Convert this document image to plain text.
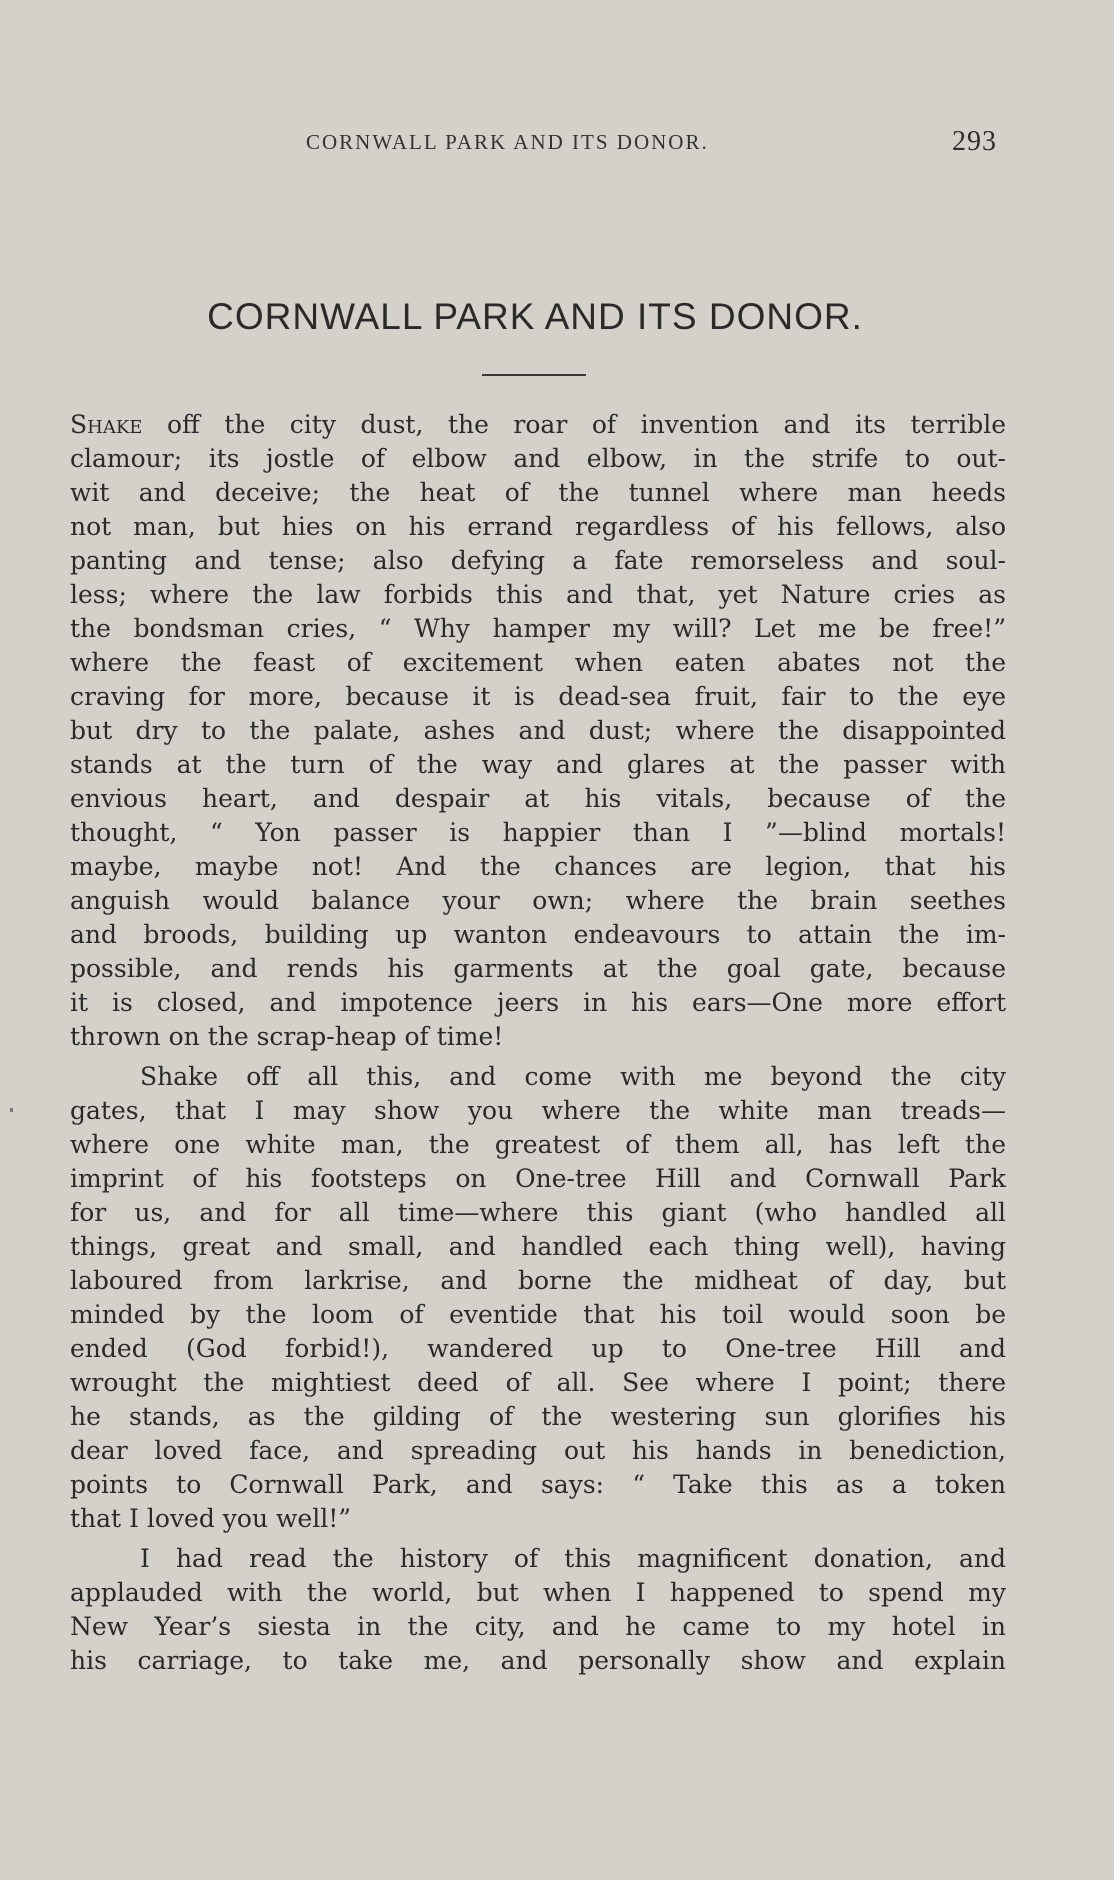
CORNWALL PARK AND ITS DONOR.	293
CORNWALL PARK AND ITS DONOR.
Shake off the city dust, the roar of invention and its terrible
clamour; its jostle of elbow and elbow, in the strife to out-
wit and deceive; the heat of the tunnel where man heeds
not man, but hies on his errand regardless of his fellows, also
panting and tense; also defying a fate remorseless and soul-
less; where the law forbids this and that, yet Nature cries as
the bondsman cries, “ Why hamper my will? Let me be free!”
where the feast of excitement when eaten abates not the
craving for more, because it is dead-sea fruit, fair to the eye
but dry to the palate, ashes and dust; where the disappointed
stands at the turn of the way and glares at the passer with
envious heart, and despair at his vitals, because of the
thought, “ Yon passer is happier than I ”—blind mortals!
maybe, maybe not! And the chances are legion, that his
anguish would balance your own; where the brain seethes
and broods, building up wanton endeavours to attain the im-
possible, and rends his garments at the goal gate, because
it is closed, and impotence jeers in his ears—One more effort
thrown on the scrap-heap of time!
Shake off all this, and come with me beyond the city
gates, that I may show you where the white man treads—
where one white man, the greatest of them all, has left the
imprint of his footsteps on One-tree Hill and Cornwall Park
for us, and for all time—where this giant (who handled all
things, great and small, and handled each thing well), having
laboured from larkrise, and borne the midheat of day, but
minded by the loom of eventide that his toil would soon be
ended (God forbid!), wandered up to One-tree Hill and
wrought the mightiest deed of all. See where I point; there
he stands, as the gilding of the westering sun glorifies his
dear loved face, and spreading out his hands in benediction,
points to Cornwall Park, and says: “ Take this as a token
that I loved you well!”
I had read the history of this magnificent donation, and
applauded with the world, but when I happened to spend my
New Year’s siesta in the city, and he came to my hotel in
his carriage, to take me, and personally show and explain
